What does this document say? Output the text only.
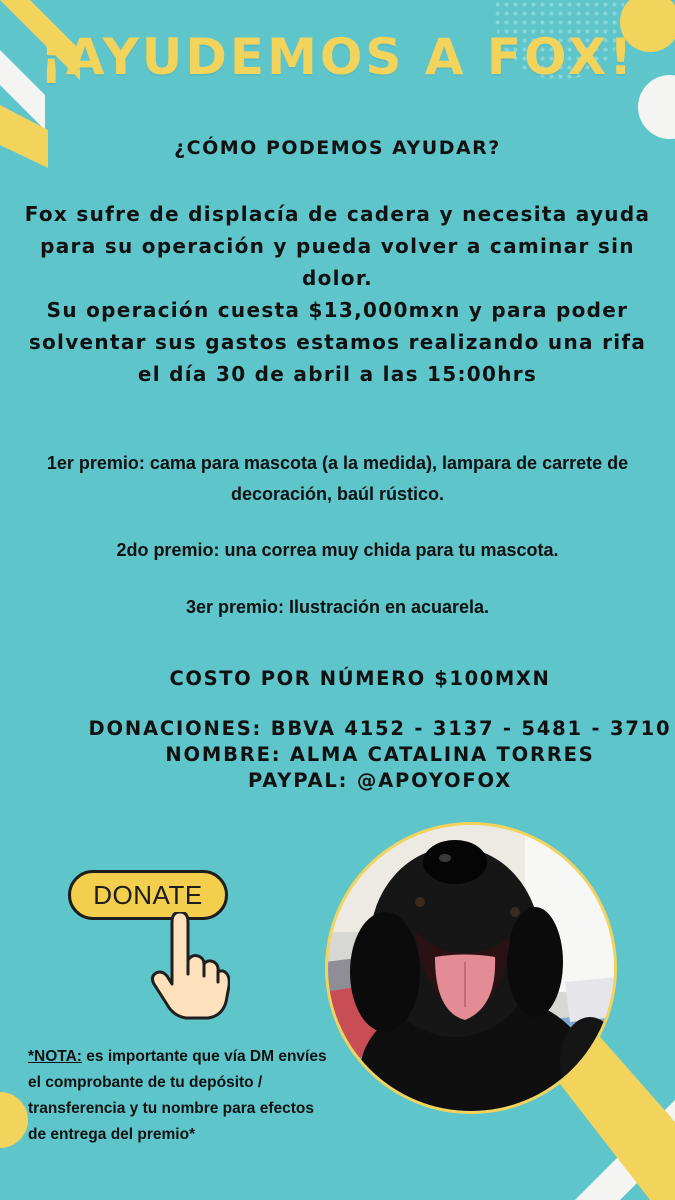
¡AYUDEMOS A FOX!
¿CÓMO PODEMOS AYUDAR?

Fox sufre de displacía de cadera y necesita ayuda para su operación y pueda volver a caminar sin dolor.

Su operación cuesta $13,000mxn y para poder solventar sus gastos estamos realizando una rifa el día 30 de abril a las 15:00hrs

1er premio: cama para mascota (a la medida), lampara de carrete de decoración, baúl rústico.

2do premio: una correa muy chida para tu mascota.

3er premio: Ilustración en acuarela.

COSTO POR NÚMERO $100MXN

DONACIONES: BBVA 4152 - 3137 - 5481 - 3710
NOMBRE: ALMA CATALINA TORRES
PAYPAL: @APOYOFOX
DONATE
*NOTA: es importante que vía DM envíes el comprobante de tu depósito / transferencia y tu nombre para efectos de entrega del premio*
